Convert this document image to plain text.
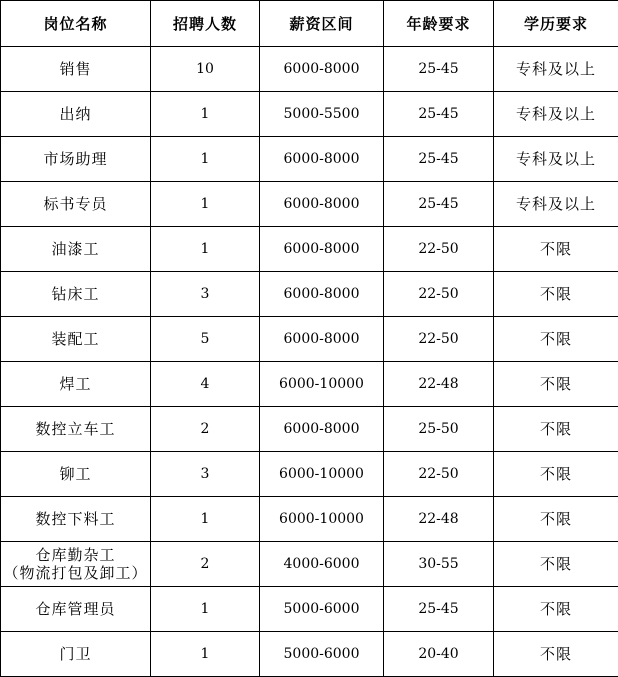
岗位名称	招聘人数	薪资区间	年龄要求	学历要求

销售	10	6000-8000	25-45	专科及以上

出纳	1	5000-5500	25-45	专科及以上

市场助理	1	6000-8000	25-45	专科及以上

标书专员	1	6000-8000	25-45	专科及以上

油漆工	1	6000-8000	22-50	不限

钻床工	3	6000-8000	22-50	不限

装配工	5	6000-8000	22-50	不限

焊工	4	6000-10000	22-48	不限

数控立车工	2	6000-8000	25-50	不限

铆工	3	6000-10000	22-50	不限

数控下料工	1	6000-10000	22-48	不限

仓库勤杂工
（物流打包及卸工）	2	4000-6000	30-55	不限

仓库管理员	1	5000-6000	25-45	不限

门卫	1	5000-6000	20-40	不限
